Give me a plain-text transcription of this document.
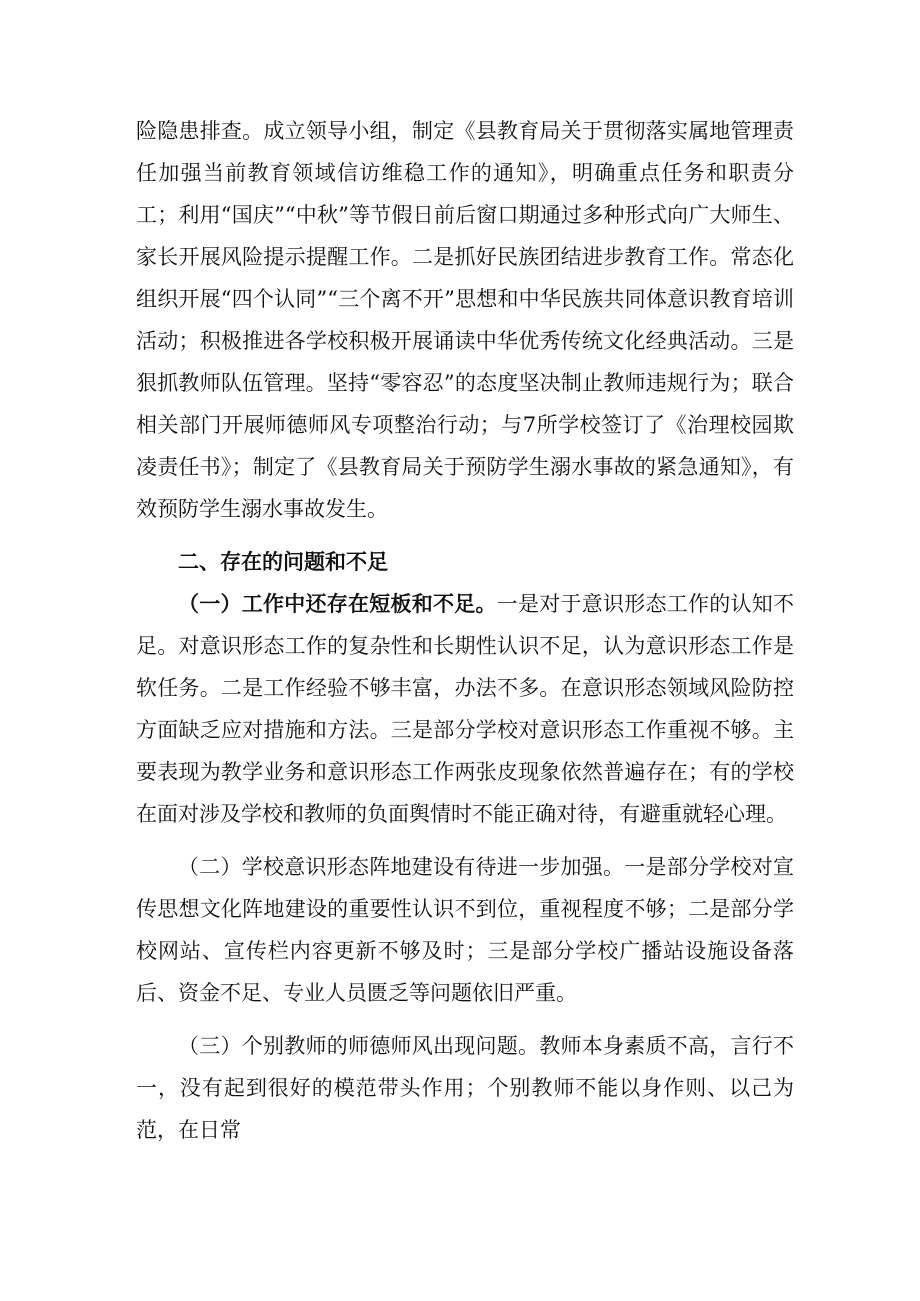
险隐患排查。成立领导小组，制定《县教育局关于贯彻落实属地管理责任加强当前教育领域信访维稳工作的通知》，明确重点任务和职责分工；利用“国庆”“中秋”等节假日前后窗口期通过多种形式向广大师生、家长开展风险提示提醒工作。二是抓好民族团结进步教育工作。常态化组织开展“四个认同”“三个离不开”思想和中华民族共同体意识教育培训活动；积极推进各学校积极开展诵读中华优秀传统文化经典活动。三是狠抓教师队伍管理。坚持“零容忍”的态度坚决制止教师违规行为；联合相关部门开展师德师风专项整治行动；与7所学校签订了《治理校园欺凌责任书》；制定了《县教育局关于预防学生溺水事故的紧急通知》，有效预防学生溺水事故发生。

二、存在的问题和不足

（一）工作中还存在短板和不足。一是对于意识形态工作的认知不足。对意识形态工作的复杂性和长期性认识不足，认为意识形态工作是软任务。二是工作经验不够丰富，办法不多。在意识形态领域风险防控方面缺乏应对措施和方法。三是部分学校对意识形态工作重视不够。主要表现为教学业务和意识形态工作两张皮现象依然普遍存在；有的学校在面对涉及学校和教师的负面舆情时不能正确对待，有避重就轻心理。

（二）学校意识形态阵地建设有待进一步加强。一是部分学校对宣传思想文化阵地建设的重要性认识不到位，重视程度不够；二是部分学校网站、宣传栏内容更新不够及时；三是部分学校广播站设施设备落后、资金不足、专业人员匮乏等问题依旧严重。

（三）个别教师的师德师风出现问题。教师本身素质不高，言行不一，没有起到很好的模范带头作用；个别教师不能以身作则、以己为范，在日常
